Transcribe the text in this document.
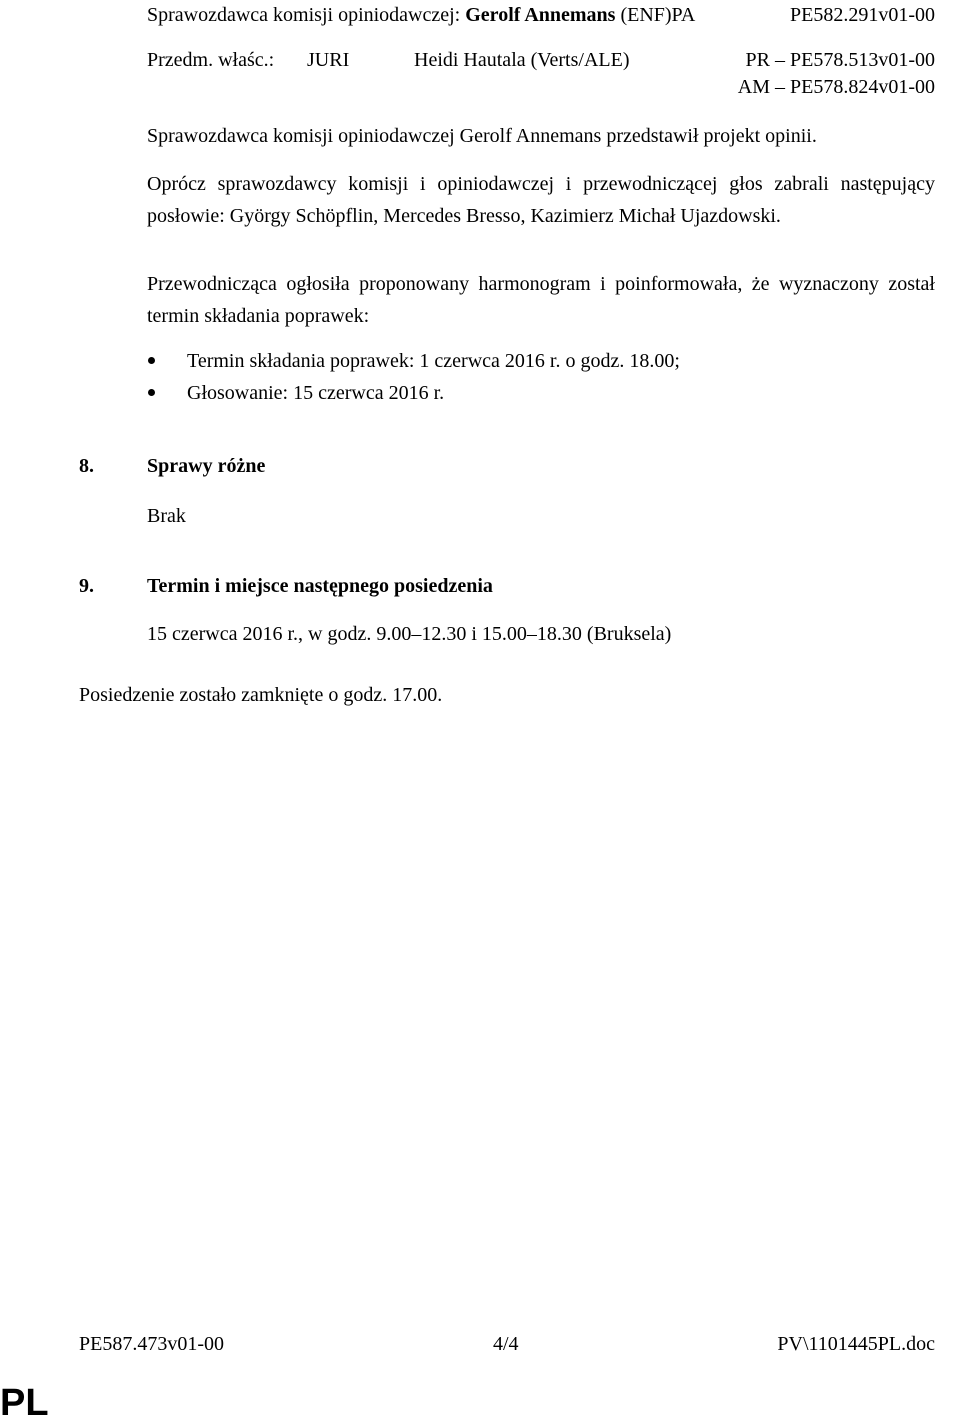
Sprawozdawca komisji opiniodawczej: Gerolf Annemans (ENF)PA	PE582.291v01-00
Przedm. właśc.: JURI	Heidi Hautala (Verts/ALE)	PR – PE578.513v01-00
AM – PE578.824v01-00
Sprawozdawca komisji opiniodawczej Gerolf Annemans przedstawił projekt opinii.
Oprócz sprawozdawcy komisji i opiniodawczej i przewodniczącej głos zabrali następujący posłowie: György Schöpflin, Mercedes Bresso, Kazimierz Michał Ujazdowski.
Przewodnicząca ogłosiła proponowany harmonogram i poinformowała, że wyznaczony został termin składania poprawek:
Termin składania poprawek: 1 czerwca 2016 r. o godz. 18.00;
Głosowanie: 15 czerwca 2016 r.
8.	Sprawy różne
Brak
9.	Termin i miejsce następnego posiedzenia
15 czerwca 2016 r., w godz. 9.00–12.30 i 15.00–18.30 (Bruksela)
Posiedzenie zostało zamknięte o godz. 17.00.
PE587.473v01-00	4/4	PV\1101445PL.doc
PL
